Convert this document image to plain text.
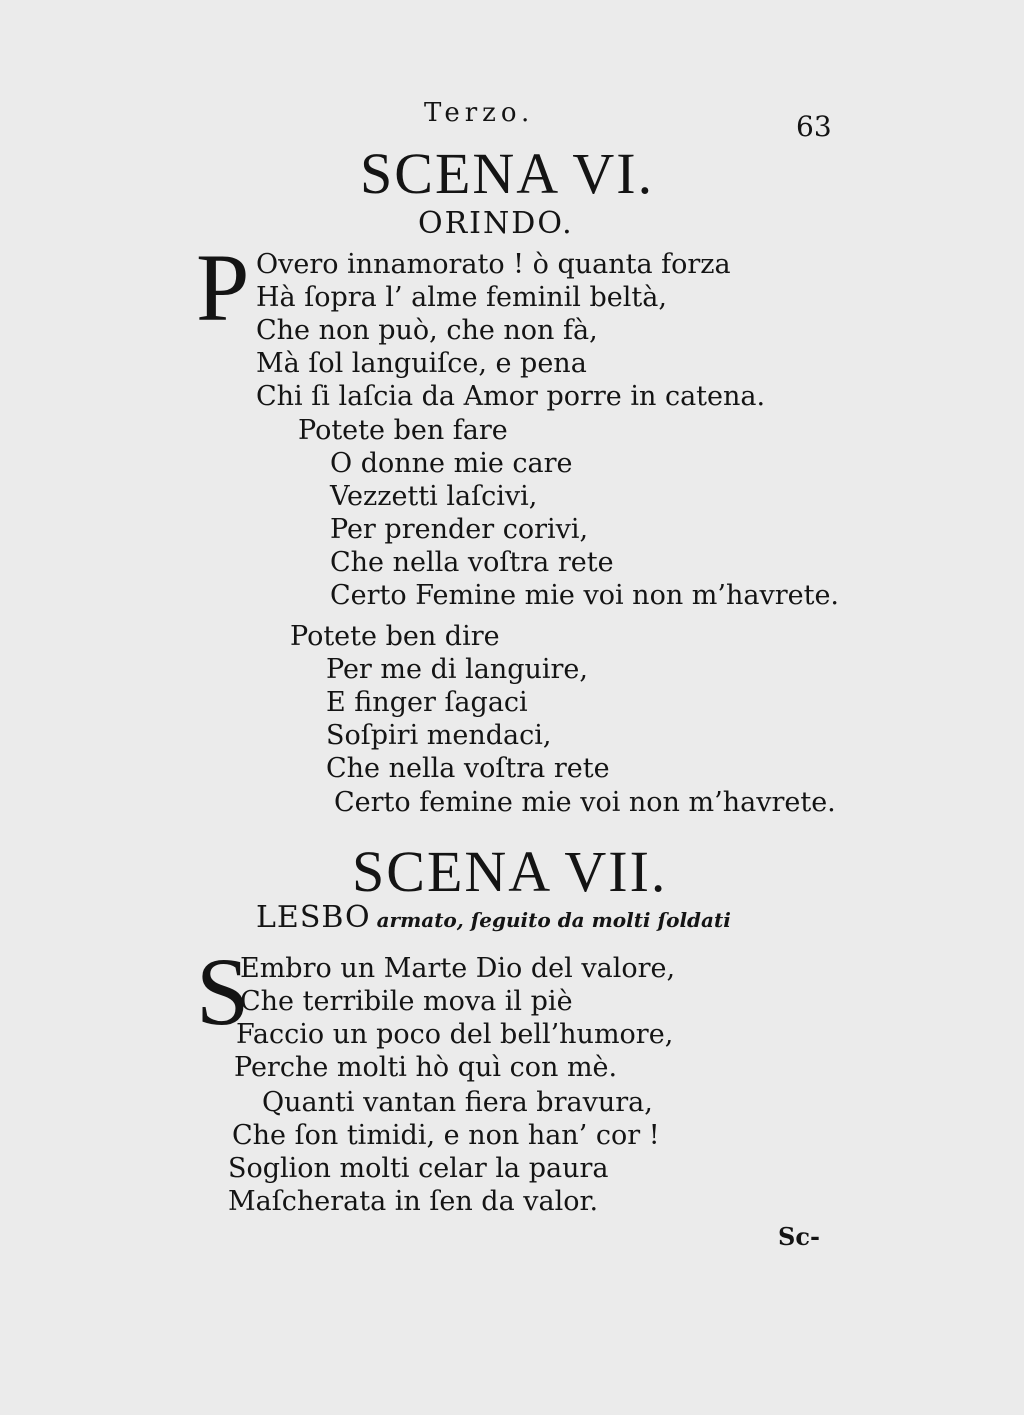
Terzo.	63
SCENA VI.
ORINDO.
P Overo innamorato ! ò quanta forza
Hà ſopra l’ alme feminil beltà,
Che non può, che non fà,
Mà ſol languiſce, e pena
Chi ſi laſcia da Amor porre in catena.
Potete ben fare
O donne mie care
Vezzetti laſcivi,
Per prender corivi,
Che nella voſtra rete
Certo Femine mie voi non m’havrete.
Potete ben dire
Per me di languire,
E finger ſagaci
Soſpiri mendaci,
Che nella voſtra rete
Certo femine mie voi non m’havrete.
SCENA VII.
LESBO armato, ſeguito da molti ſoldati
S
Embro un Marte Dio del valore,
Che terribile mova il piè
Faccio un poco del bell’humore,
Perche molti hò quì con mè.
Quanti vantan fiera bravura,
Che ſon timidi, e non han’ cor !
Soglion molti celar la paura
Maſcherata in ſen da valor.
Sc-
